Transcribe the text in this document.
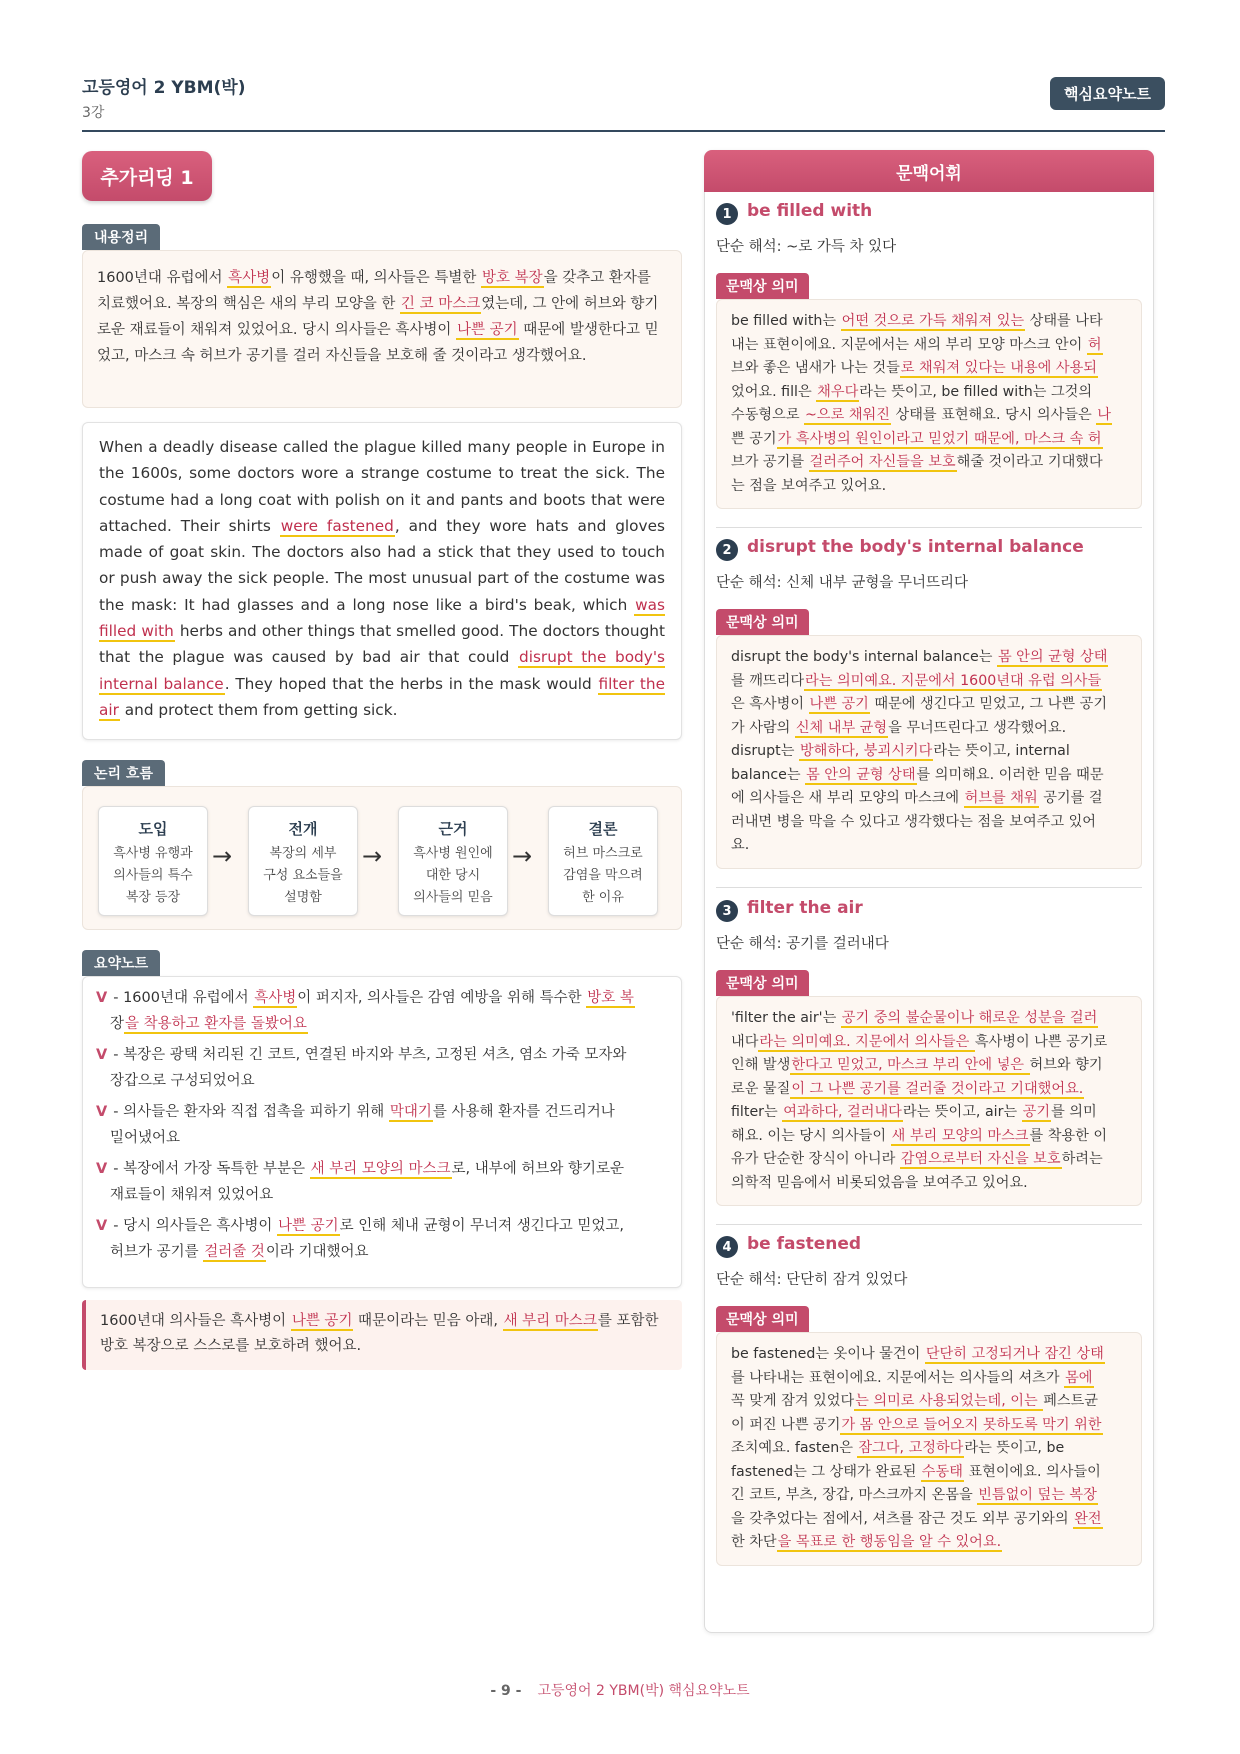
고등영어 2 YBM(박)
3강
핵심요약노트
추가리딩 1
내용정리
1600년대 유럽에서 흑사병이 유행했을 때, 의사들은 특별한 방호 복장을 갖추고 환자를 치료했어요. 복장의 핵심은 새의 부리 모양을 한 긴 코 마스크였는데, 그 안에 허브와 향기로운 재료들이 채워져 있었어요. 당시 의사들은 흑사병이 나쁜 공기 때문에 발생한다고 믿었고, 마스크 속 허브가 공기를 걸러 자신들을 보호해 줄 것이라고 생각했어요.
When a deadly disease called the plague killed many people in Europe in the 1600s, some doctors wore a strange costume to treat the sick. The costume had a long coat with polish on it and pants and boots that were attached. Their shirts were fastened, and they wore hats and gloves made of goat skin. The doctors also had a stick that they used to touch or push away the sick people. The most unusual part of the costume was the mask: It had glasses and a long nose like a bird's beak, which was filled with herbs and other things that smelled good. The doctors thought that the plague was caused by bad air that could disrupt the body's internal balance. They hoped that the herbs in the mask would filter the air and protect them from getting sick.
논리 흐름
도입
흑사병 유행과
의사들의 특수
복장 등장
→
전개
복장의 세부
구성 요소들을
설명함
→
근거
흑사병 원인에
대한 당시
의사들의 믿음
→
결론
허브 마스크로
감염을 막으려
한 이유
요약노트
V - 1600년대 유럽에서 흑사병이 퍼지자, 의사들은 감염 예방을 위해 특수한 방호 복
장을 착용하고 환자를 돌봤어요
V - 복장은 광택 처리된 긴 코트, 연결된 바지와 부츠, 고정된 셔츠, 염소 가죽 모자와
장갑으로 구성되었어요
V - 의사들은 환자와 직접 접촉을 피하기 위해 막대기를 사용해 환자를 건드리거나
밀어냈어요
V - 복장에서 가장 독특한 부분은 새 부리 모양의 마스크로, 내부에 허브와 향기로운
재료들이 채워져 있었어요
V - 당시 의사들은 흑사병이 나쁜 공기로 인해 체내 균형이 무너져 생긴다고 믿었고,
허브가 공기를 걸러줄 것이라 기대했어요
1600년대 의사들은 흑사병이 나쁜 공기 때문이라는 믿음 아래, 새 부리 마스크를 포함한 방호 복장으로 스스로를 보호하려 했어요.
문맥어휘
1 be filled with
단순 해석: ~로 가득 차 있다
문맥상 의미
be filled with는 어떤 것으로 가득 채워져 있는 상태를 나타
내는 표현이에요. 지문에서는 새의 부리 모양 마스크 안이 허
브와 좋은 냄새가 나는 것들로 채워져 있다는 내용에 사용되
었어요. fill은 채우다라는 뜻이고, be filled with는 그것의
수동형으로 ~으로 채워진 상태를 표현해요. 당시 의사들은 나
쁜 공기가 흑사병의 원인이라고 믿었기 때문에, 마스크 속 허
브가 공기를 걸러주어 자신들을 보호해줄 것이라고 기대했다
는 점을 보여주고 있어요.
2 disrupt the body's internal balance
단순 해석: 신체 내부 균형을 무너뜨리다
문맥상 의미
disrupt the body's internal balance는 몸 안의 균형 상태
를 깨뜨리다라는 의미예요. 지문에서 1600년대 유럽 의사들
은 흑사병이 나쁜 공기 때문에 생긴다고 믿었고, 그 나쁜 공기
가 사람의 신체 내부 균형을 무너뜨린다고 생각했어요.
disrupt는 방해하다, 붕괴시키다라는 뜻이고, internal
balance는 몸 안의 균형 상태를 의미해요. 이러한 믿음 때문
에 의사들은 새 부리 모양의 마스크에 허브를 채워 공기를 걸
러내면 병을 막을 수 있다고 생각했다는 점을 보여주고 있어
요.
3 filter the air
단순 해석: 공기를 걸러내다
문맥상 의미
'filter the air'는 공기 중의 불순물이나 해로운 성분을 걸러
내다라는 의미예요. 지문에서 의사들은 흑사병이 나쁜 공기로
인해 발생한다고 믿었고, 마스크 부리 안에 넣은 허브와 향기
로운 물질이 그 나쁜 공기를 걸러줄 것이라고 기대했어요.
filter는 여과하다, 걸러내다라는 뜻이고, air는 공기를 의미
해요. 이는 당시 의사들이 새 부리 모양의 마스크를 착용한 이
유가 단순한 장식이 아니라 감염으로부터 자신을 보호하려는
의학적 믿음에서 비롯되었음을 보여주고 있어요.
4 be fastened
단순 해석: 단단히 잠겨 있었다
문맥상 의미
be fastened는 옷이나 물건이 단단히 고정되거나 잠긴 상태
를 나타내는 표현이에요. 지문에서는 의사들의 셔츠가 몸에
꼭 맞게 잠겨 있었다는 의미로 사용되었는데, 이는 페스트균
이 퍼진 나쁜 공기가 몸 안으로 들어오지 못하도록 막기 위한
조치예요. fasten은 잠그다, 고정하다라는 뜻이고, be
fastened는 그 상태가 완료된 수동태 표현이에요. 의사들이
긴 코트, 부츠, 장갑, 마스크까지 온몸을 빈틈없이 덮는 복장
을 갖추었다는 점에서, 셔츠를 잠근 것도 외부 공기와의 완전
한 차단을 목표로 한 행동임을 알 수 있어요.
- 9 - 고등영어 2 YBM(박) 핵심요약노트
